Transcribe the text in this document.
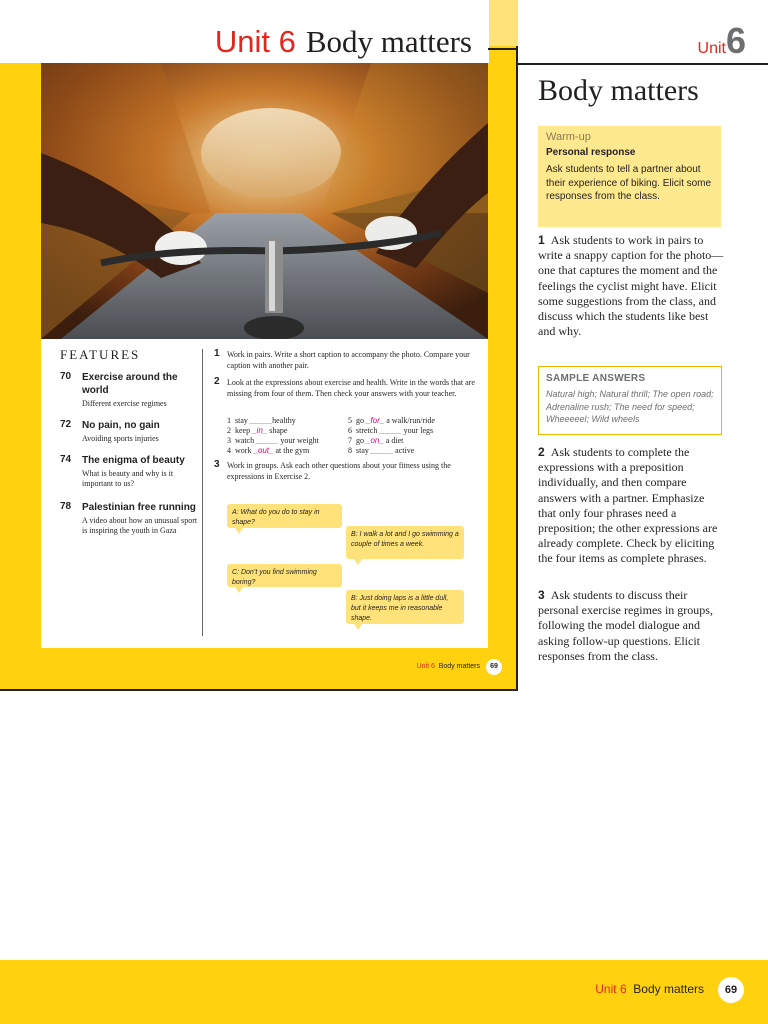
Unit 6 Body matters
FEATURES
70 Exercise around the world
Different exercise regimes
72 No pain, no gain
Avoiding sports injuries
74 The enigma of beauty
What is beauty and why is it important to us?
78 Palestinian free running
A video about how an unusual sport is inspiring the youth in Gaza
1 Work in pairs. Write a short caption to accompany the photo. Compare your caption with another pair.
2 Look at the expressions about exercise and health. Write in the words that are missing from four of them. Then check your answers with your teacher.
1 stay _____healthy
2 keep _in_ shape
3 watch _____ your weight
4 work _out_ at the gym
5 go _for_ a walk/run/ride
6 stretch _____ your legs
7 go _on_ a diet
8 stay _____ active
3 Work in groups. Ask each other questions about your fitness using the expressions in Exercise 2.
A: What do you do to stay in shape?
B: I walk a lot and I go swimming a couple of times a week.
C: Don’t you find swimming boring?
B: Just doing laps is a little dull, but it keeps me in reasonable shape.
Unit 6 Body matters 69
Unit6
Body matters
Warm-up
Personal response
Ask students to tell a partner about their experience of biking. Elicit some responses from the class.
1 Ask students to work in pairs to write a snappy caption for the photo—one that captures the moment and the feelings the cyclist might have. Elicit some suggestions from the class, and discuss which the students like best and why.
SAMPLE ANSWERS
Natural high; Natural thrill; The open road; Adrenaline rush; The need for speed; Wheeeeel; Wild wheels
2 Ask students to complete the expressions with a preposition individually, and then compare answers with a partner. Emphasize that only four phrases need a preposition; the other expressions are already complete. Check by eliciting the four items as complete phrases.
3 Ask students to discuss their personal exercise regimes in groups, following the model dialogue and asking follow-up questions. Elicit responses from the class.
Unit 6 Body matters 69
